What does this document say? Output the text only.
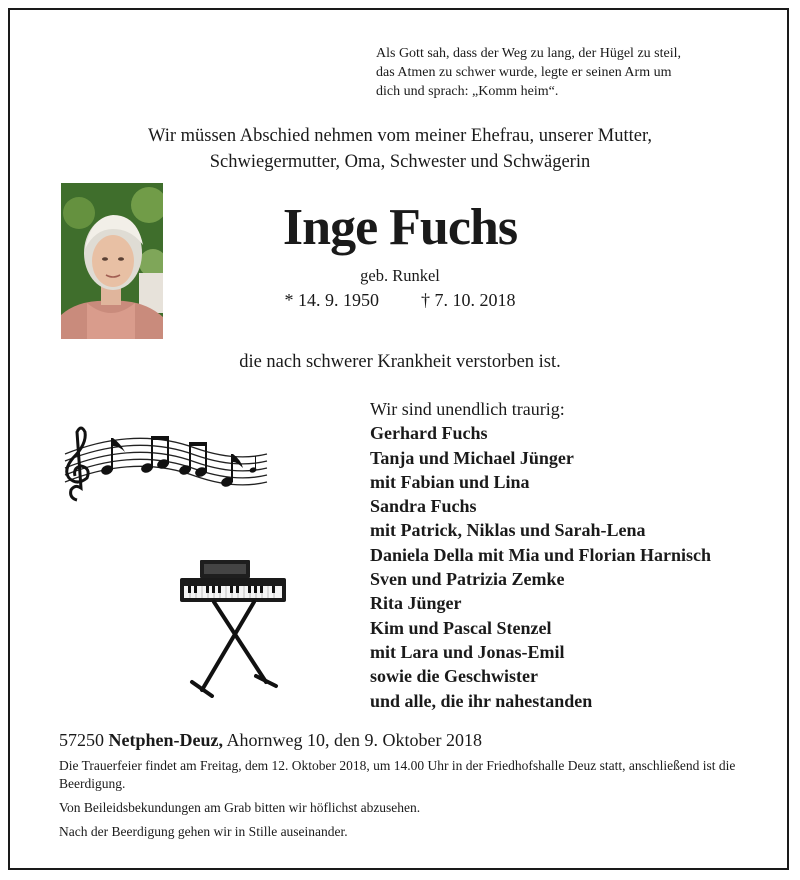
Als Gott sah, dass der Weg zu lang, der Hügel zu steil,
das Atmen zu schwer wurde, legte er seinen Arm um
dich und sprach: „Komm heim“.
Wir müssen Abschied nehmen vom meiner Ehefrau, unserer Mutter,
Schwiegermutter, Oma, Schwester und Schwägerin
Inge Fuchs
geb. Runkel
* 14. 9. 1950 † 7. 10. 2018
die nach schwerer Krankheit verstorben ist.
Wir sind unendlich traurig:
Gerhard Fuchs
Tanja und Michael Jünger
mit Fabian und Lina
Sandra Fuchs
mit Patrick, Niklas und Sarah-Lena
Daniela Della mit Mia und Florian Harnisch
Sven und Patrizia Zemke
Rita Jünger
Kim und Pascal Stenzel
mit Lara und Jonas-Emil
sowie die Geschwister
und alle, die ihr nahestanden
57250 Netphen-Deuz, Ahornweg 10, den 9. Oktober 2018
Die Trauerfeier findet am Freitag, dem 12. Oktober 2018, um 14.00 Uhr in der Friedhofshalle Deuz statt, anschließend ist die Beerdigung.
Von Beileidsbekundungen am Grab bitten wir höflichst abzusehen.
Nach der Beerdigung gehen wir in Stille auseinander.
